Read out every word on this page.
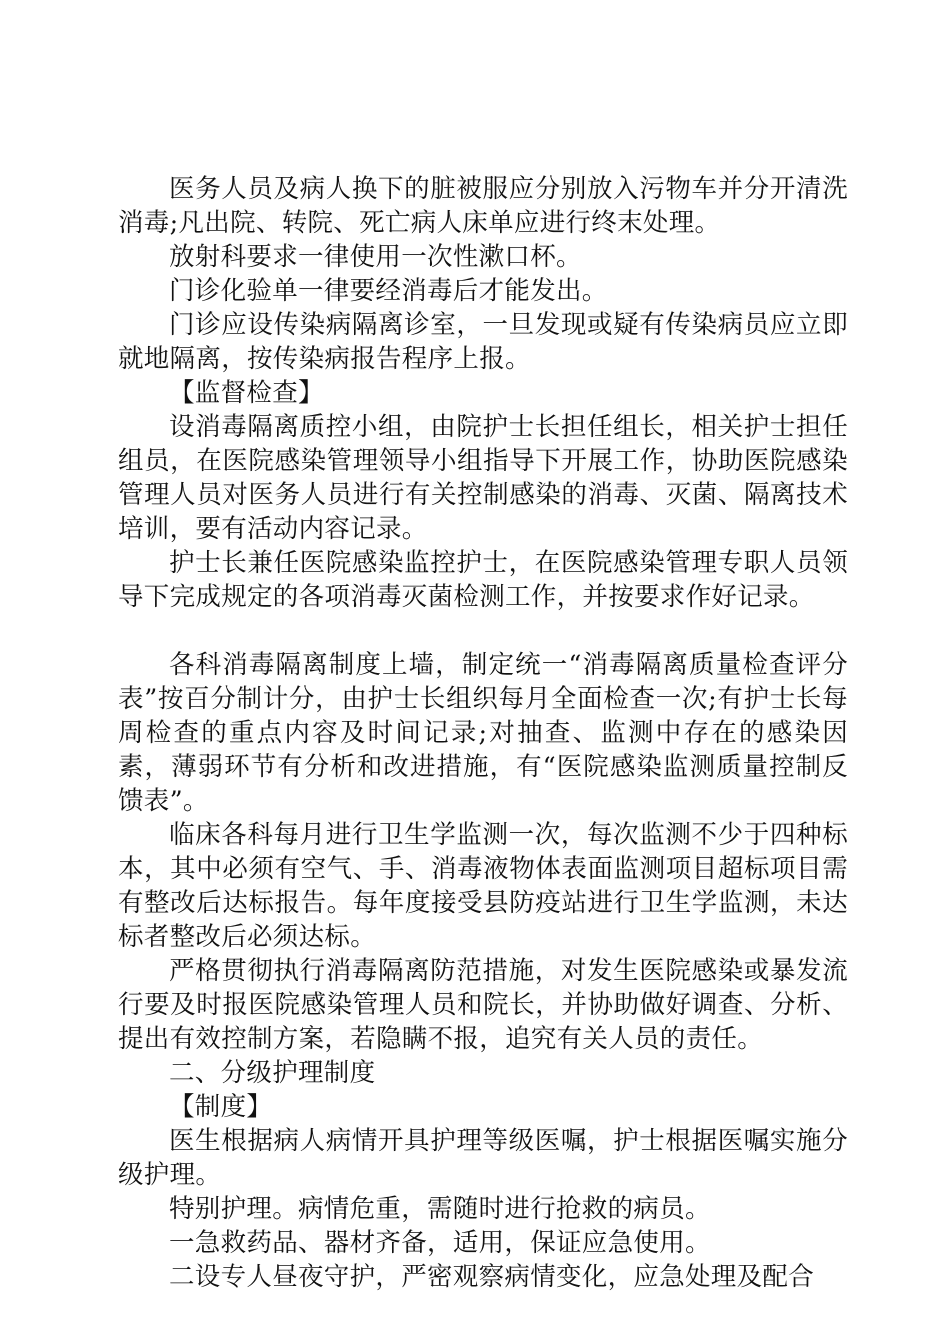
医务人员及病人换下的脏被服应分别放入污物车并分开清洗消毒;凡出院、转院、死亡病人床单应进行终末处理。

放射科要求一律使用一次性漱口杯。

门诊化验单一律要经消毒后才能发出。

门诊应设传染病隔离诊室，一旦发现或疑有传染病员应立即就地隔离，按传染病报告程序上报。

【监督检查】

设消毒隔离质控小组，由院护士长担任组长，相关护士担任组员，在医院感染管理领导小组指导下开展工作，协助医院感染管理人员对医务人员进行有关控制感染的消毒、灭菌、隔离技术培训，要有活动内容记录。

护士长兼任医院感染监控护士，在医院感染管理专职人员领导下完成规定的各项消毒灭菌检测工作，并按要求作好记录。

各科消毒隔离制度上墙，制定统一“消毒隔离质量检查评分表”按百分制计分，由护士长组织每月全面检查一次;有护士长每周检查的重点内容及时间记录;对抽查、监测中存在的感染因素，薄弱环节有分析和改进措施，有“医院感染监测质量控制反馈表”。

临床各科每月进行卫生学监测一次，每次监测不少于四种标本，其中必须有空气、手、消毒液物体表面监测项目超标项目需有整改后达标报告。每年度接受县防疫站进行卫生学监测，未达标者整改后必须达标。

严格贯彻执行消毒隔离防范措施，对发生医院感染或暴发流行要及时报医院感染管理人员和院长，并协助做好调查、分析、提出有效控制方案，若隐瞒不报，追究有关人员的责任。

二、分级护理制度

【制度】

医生根据病人病情开具护理等级医嘱，护士根据医嘱实施分级护理。

特别护理。病情危重，需随时进行抢救的病员。

一急救药品、器材齐备，适用，保证应急使用。

二设专人昼夜守护，严密观察病情变化，应急处理及配合
